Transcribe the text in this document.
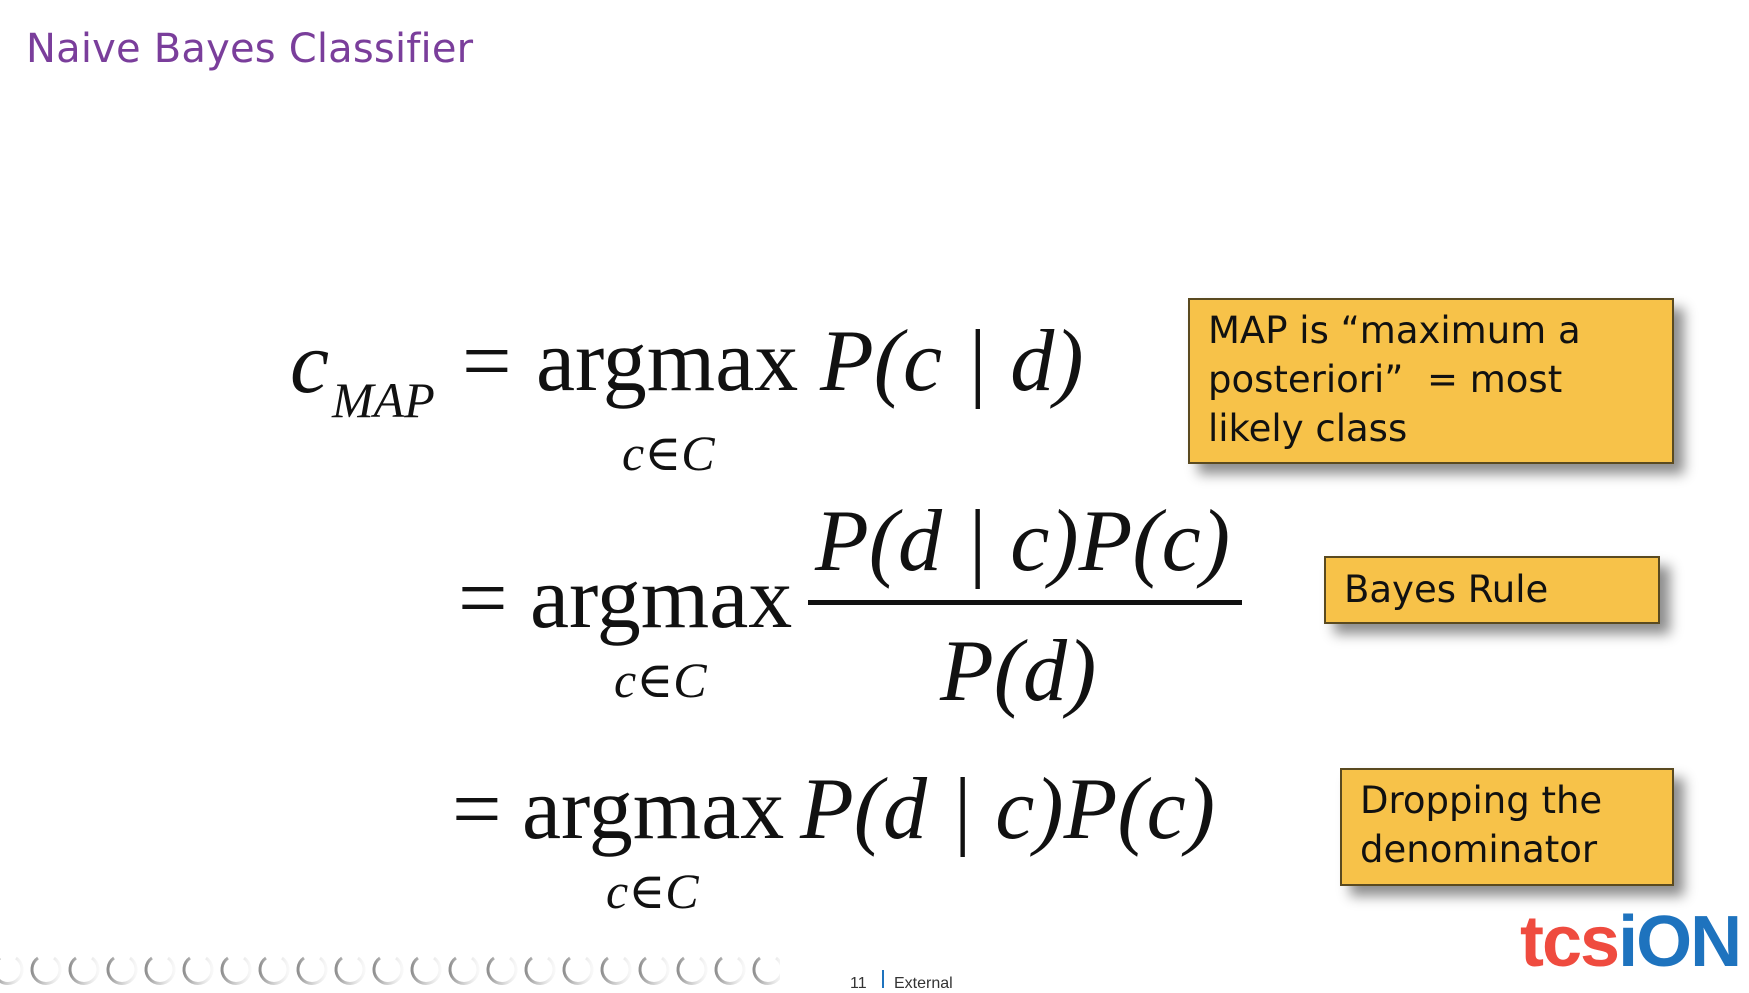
Naive Bayes Classifier
c MAP = argmax
c∈C
P(c | d)
= argmax
c∈C
P(d | c)P(c)
P(d)
= argmax
c∈C
P(d | c)P(c)
MAP is “maximum a
posteriori”  = most
likely class
Bayes Rule
Dropping the
denominator
11 External
tcsiON
